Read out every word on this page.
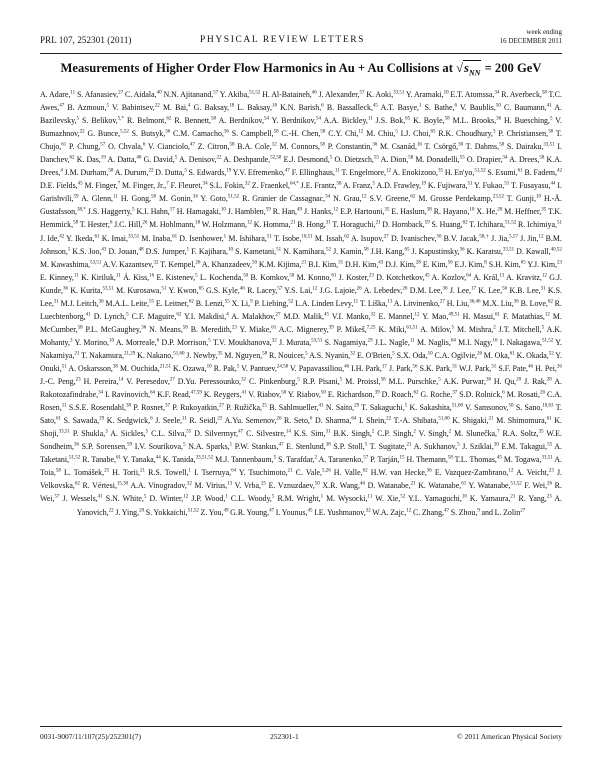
PRL 107, 252301 (2011)	PHYSICAL REVIEW LETTERS
week ending
16 DECEMBER 2011
Measurements of Higher Order Flow Harmonics in Au + Au Collisions at $√s_{NN} = 200$ GeV
A. Adare,$^{11}$ S. Afanasiev,$^{27}$ C. Aidala,$^{40}$ N.N. Ajitanand,$^{57}$ Y. Akiba,$^{51,52}$ H. Al-Bataineh,$^{46}$ J. Alexander,$^{57}$ K. Aoki,$^{33,51}$ Y. Aramaki,$^{10}$ E.T. Atomssa,$^{34}$ R. Averbeck,$^{58}$ T.C. Awes,$^{47}$ B. Azmoun,$^5$ V. Babintsev,$^{22}$ M. Bai,$^4$ G. Baksay,$^{18}$ L. Baksay,$^{18}$ K.N. Barish,$^6$ B. Bassalleck,$^{45}$ A.T. Basye,$^1$ S. Bathe,$^6$ V. Baublis,$^{50}$ C. Baumann,$^{41}$ A. Bazilevsky,$^5$ S. Belikov,$^{5,*}$ R. Belmont,$^{62}$ R. Bennett,$^{58}$ A. Berdnikov,$^{54}$ Y. Berdnikov,$^{54}$ A.A. Bickley,$^{11}$ J.S. Bok,$^{65}$ K. Boyle,$^{58}$ M.L. Brooks,$^{36}$ H. Buesching,$^5$ V. Bumazhnov,$^{22}$ G. Bunce,$^{5,52}$ S. Butsyk,$^{36}$ C.M. Camacho,$^{36}$ S. Campbell,$^{58}$ C.-H. Chen,$^{58}$ C.Y. Chi,$^{12}$ M. Chiu,$^5$ I.J. Choi,$^{65}$ R.K. Choudhury,$^3$ P. Christiansen,$^{38}$ T. Chujo,$^{61}$ P. Chung,$^{57}$ O. Chvala,$^6$ V. Cianciolo,$^{47}$ Z. Citron,$^{58}$ B.A. Cole,$^{12}$ M. Connors,$^{58}$ P. Constantin,$^{36}$ M. Csanád,$^{16}$ T. Csörgő,$^{30}$ T. Dahms,$^{58}$ S. Dairaku,$^{33,51}$ I. Danchev,$^{62}$ K. Das,$^{19}$ A. Datta,$^{40}$ G. David,$^5$ A. Denisov,$^{22}$ A. Deshpande,$^{52,58}$ E.J. Desmond,$^5$ O. Dietzsch,$^{55}$ A. Dion,$^{58}$ M. Donadelli,$^{55}$ O. Drapier,$^{34}$ A. Drees,$^{58}$ K.A. Drees,$^4$ J.M. Durham,$^{58}$ A. Durum,$^{22}$ D. Dutta,$^3$ S. Edwards,$^{19}$ Y.V. Efremenko,$^{47}$ F. Ellinghaus,$^{11}$ T. Engelmore,$^{12}$ A. Enokizono,$^{35}$ H. En'yo,$^{51,52}$ S. Esumi,$^{61}$ B. Fadem,$^{42}$ D.E. Fields,$^{45}$ M. Finger,$^7$ M. Finger, Jr.,$^7$ F. Fleuret,$^{34}$ S.L. Fokin,$^{32}$ Z. Fraenkel,$^{64,*}$ J.E. Frantz,$^{58}$ A. Franz,$^5$ A.D. Frawley,$^{19}$ K. Fujiwara,$^{51}$ Y. Fukao,$^{51}$ T. Fusayasu,$^{44}$ I. Garishvili,$^{59}$ A. Glenn,$^{11}$ H. Gong,$^{58}$ M. Gonin,$^{34}$ Y. Goto,$^{51,52}$ R. Granier de Cassagnac,$^{34}$ N. Grau,$^{12}$ S.V. Greene,$^{62}$ M. Grosse Perdekamp,$^{23,52}$ T. Gunji,$^{10}$ H.-Å. Gustafsson,$^{38,*}$ J.S. Haggerty,$^5$ K.I. Hahn,$^{17}$ H. Hamagaki,$^{10}$ J. Hamblen,$^{59}$ R. Han,$^{49}$ J. Hanks,$^{12}$ E.P. Hartouni,$^{35}$ E. Haslum,$^{38}$ R. Hayano,$^{10}$ X. He,$^{20}$ M. Heffner,$^{35}$ T.K. Hemmick,$^{58}$ T. Hester,$^6$ J.C. Hill,$^{26}$ M. Hohlmann,$^{18}$ W. Holzmann,$^{12}$ K. Homma,$^{21}$ B. Hong,$^{31}$ T. Horaguchi,$^{21}$ D. Hornback,$^{59}$ S. Huang,$^{62}$ T. Ichihara,$^{51,52}$ R. Ichimiya,$^{51}$ J. Ide,$^{42}$ Y. Ikeda,$^{61}$ K. Imai,$^{33,51}$ M. Inaba,$^{61}$ D. Isenhower,$^1$ M. Ishihara,$^{51}$ T. Isobe,$^{10,51}$ M. Issah,$^{62}$ A. Isupov,$^{27}$ D. Ivanischev,$^{50}$ B.V. Jacak,$^{58,\dagger}$ J. Jia,$^{5,57}$ J. Jin,$^{12}$ B.M. Johnson,$^5$ K.S. Joo,$^{43}$ D. Jouan,$^{48}$ D.S. Jumper,$^1$ F. Kajihara,$^{10}$ S. Kametani,$^{51}$ N. Kamihara,$^{52}$ J. Kamin,$^{58}$ J.H. Kang,$^{65}$ J. Kapustinsky,$^{36}$ K. Karatsu,$^{33,51}$ D. Kawall,$^{40,52}$ M. Kawashima,$^{53,51}$ A.V. Kazantsev,$^{32}$ T. Kempel,$^{26}$ A. Khanzadeev,$^{50}$ K.M. Kijima,$^{21}$ B.I. Kim,$^{31}$ D.H. Kim,$^{43}$ D.J. Kim,$^{28}$ E. Kim,$^{56}$ E.J. Kim,$^8$ S.H. Kim,$^{65}$ Y.J. Kim,$^{23}$ E. Kinney,$^{11}$ K. Kiriluk,$^{11}$ Á. Kiss,$^{16}$ E. Kistenev,$^5$ L. Kochenda,$^{50}$ B. Komkov,$^{50}$ M. Konno,$^{61}$ J. Koster,$^{23}$ D. Kotchetkov,$^{45}$ A. Kozlov,$^{64}$ A. Král,$^{13}$ A. Kravitz,$^{12}$ G.J. Kunde,$^{36}$ K. Kurita,$^{53,51}$ M. Kurosawa,$^{51}$ Y. Kwon,$^{65}$ G.S. Kyle,$^{46}$ R. Lacey,$^{57}$ Y.S. Lai,$^{12}$ J.G. Lajoie,$^{26}$ A. Lebedev,$^{26}$ D.M. Lee,$^{36}$ J. Lee,$^{17}$ K. Lee,$^{56}$ K.B. Lee,$^{31}$ K.S. Lee,$^{31}$ M.J. Leitch,$^{36}$ M.A.L. Leite,$^{55}$ E. Leitner,$^{62}$ B. Lenzi,$^{55}$ X. Li,$^9$ P. Liebing,$^{52}$ L.A. Linden Levy,$^{11}$ T. Liška,$^{13}$ A. Litvinenko,$^{27}$ H. Liu,$^{36,46}$ M.X. Liu,$^{36}$ B. Love,$^{62}$ R. Luechtenborg,$^{41}$ D. Lynch,$^5$ C.F. Maguire,$^{62}$ Y.I. Makdisi,$^4$ A. Malakhov,$^{27}$ M.D. Malik,$^{45}$ V.I. Manko,$^{32}$ E. Mannel,$^{12}$ Y. Mao,$^{49,51}$ H. Masui,$^{61}$ F. Matathias,$^{12}$ M. McCumber,$^{58}$ P.L. McGaughey,$^{36}$ N. Means,$^{58}$ B. Meredith,$^{23}$ Y. Miake,$^{61}$ A.C. Mignerey,$^{39}$ P. Mikeš,$^{7,25}$ K. Miki,$^{61,51}$ A. Milov,$^5$ M. Mishra,$^2$ J.T. Mitchell,$^5$ A.K. Mohanty,$^3$ Y. Morino,$^{10}$ A. Morreale,$^6$ D.P. Morrison,$^5$ T.V. Moukhanova,$^{32}$ J. Murata,$^{53,51}$ S. Nagamiya,$^{29}$ J.L. Nagle,$^{11}$ M. Naglis,$^{64}$ M.I. Nagy,$^{16}$ I. Nakagawa,$^{51,52}$ Y. Nakamiya,$^{21}$ T. Nakamura,$^{21,29}$ K. Nakano,$^{51,60}$ J. Newby,$^{35}$ M. Nguyen,$^{58}$ R. Nouicer,$^5$ A.S. Nyanin,$^{32}$ E. O'Brien,$^5$ S.X. Oda,$^{10}$ C.A. Ogilvie,$^{26}$ M. Oka,$^{61}$ K. Okada,$^{52}$ Y. Onuki,$^{51}$ A. Oskarsson,$^{38}$ M. Ouchida,$^{21,51}$ K. Ozawa,$^{10}$ R. Pak,$^5$ V. Pantuev,$^{24,58}$ V. Papavassiliou,$^{46}$ I.H. Park,$^{17}$ J. Park,$^{56}$ S.K. Park,$^{31}$ W.J. Park,$^{31}$ S.F. Pate,$^{46}$ H. Pei,$^{26}$ J.-C. Peng,$^{23}$ H. Pereira,$^{14}$ V. Peresedov,$^{27}$ D.Yu. Peressounko,$^{32}$ C. Pinkenburg,$^5$ R.P. Pisani,$^5$ M. Proissl,$^{58}$ M.L. Purschke,$^5$ A.K. Purwar,$^{36}$ H. Qu,$^{20}$ J. Rak,$^{28}$ A. Rakotozafindrabe,$^{34}$ I. Ravinovich,$^{64}$ K.F. Read,$^{47,59}$ K. Reygers,$^{41}$ V. Riabov,$^{50}$ Y. Riabov,$^{50}$ E. Richardson,$^{39}$ D. Roach,$^{62}$ G. Roche,$^{37}$ S.D. Rolnick,$^6$ M. Rosati,$^{26}$ C.A. Rosen,$^{11}$ S.S.E. Rosendahl,$^{38}$ P. Rosnet,$^{37}$ P. Rukoyatkin,$^{27}$ P. Ružička,$^{25}$ B. Sahlmueller,$^{41}$ N. Saito,$^{29}$ T. Sakaguchi,$^5$ K. Sakashita,$^{51,60}$ V. Samsonov,$^{50}$ S. Sano,$^{10,63}$ T. Sato,$^{61}$ S. Sawada,$^{29}$ K. Sedgwick,$^6$ J. Seele,$^{11}$ R. Seidl,$^{23}$ A.Yu. Semenov,$^{26}$ R. Seto,$^6$ D. Sharma,$^{64}$ I. Shein,$^{22}$ T.-A. Shibata,$^{51,60}$ K. Shigaki,$^{21}$ M. Shimomura,$^{61}$ K. Shoji,$^{33,51}$ P. Shukla,$^3$ A. Sickles,$^5$ C.L. Silva,$^{55}$ D. Silvermyr,$^{47}$ C. Silvestre,$^{14}$ K.S. Sim,$^{31}$ B.K. Singh,$^2$ C.P. Singh,$^2$ V. Singh,$^2$ M. Slunečka,$^7$ R.A. Soltz,$^{35}$ W.E. Sondheim,$^{36}$ S.P. Sorensen,$^{59}$ I.V. Sourikova,$^5$ N.A. Sparks,$^1$ P.W. Stankus,$^{47}$ E. Stenlund,$^{38}$ S.P. Stoll,$^5$ T. Sugitate,$^{21}$ A. Sukhanov,$^5$ J. Sziklai,$^{30}$ E.M. Takagui,$^{55}$ A. Taketani,$^{51,52}$ R. Tanabe,$^{61}$ Y. Tanaka,$^{44}$ K. Tanida,$^{33,51,52}$ M.J. Tannenbaum,$^5$ S. Tarafdar,$^2$ A. Taranenko,$^{57}$ P. Tarján,$^{15}$ H. Themann,$^{58}$ T.L. Thomas,$^{45}$ M. Togawa,$^{33,51}$ A. Toia,$^{58}$ L. Tomášek,$^{25}$ H. Torii,$^{21}$ R.S. Towell,$^1$ I. Tserruya,$^{64}$ Y. Tsuchimoto,$^{21}$ C. Vale,$^{5,26}$ H. Valle,$^{62}$ H.W. van Hecke,$^{36}$ E. Vazquez-Zambrano,$^{12}$ A. Veicht,$^{23}$ J. Velkovska,$^{62}$ R. Vértesi,$^{15,30}$ A.A. Vinogradov,$^{32}$ M. Virius,$^{13}$ V. Vrba,$^{25}$ E. Vznuzdaev,$^{50}$ X.R. Wang,$^{46}$ D. Watanabe,$^{21}$ K. Watanabe,$^{61}$ Y. Watanabe,$^{51,52}$ F. Wei,$^{26}$ R. Wei,$^{57}$ J. Wessels,$^{41}$ S.N. White,$^5$ D. Winter,$^{12}$ J.P. Wood,$^1$ C.L. Woody,$^5$ R.M. Wright,$^1$ M. Wysocki,$^{11}$ W. Xie,$^{52}$ Y.L. Yamaguchi,$^{10}$ K. Yamaura,$^{21}$ R. Yang,$^{23}$ A. Yanovich,$^{22}$ J. Ying,$^{20}$ S. Yokkaichi,$^{51,52}$ Z. You,$^{49}$ G.R. Young,$^{47}$ I. Younus,$^{45}$ I.E. Yushmanov,$^{32}$ W.A. Zajc,$^{12}$ C. Zhang,$^{47}$ S. Zhou,$^9$ and L. Zolin$^{27}$
0031-9007/11/107(25)/252301(7)	252301-1	© 2011 American Physical Society
